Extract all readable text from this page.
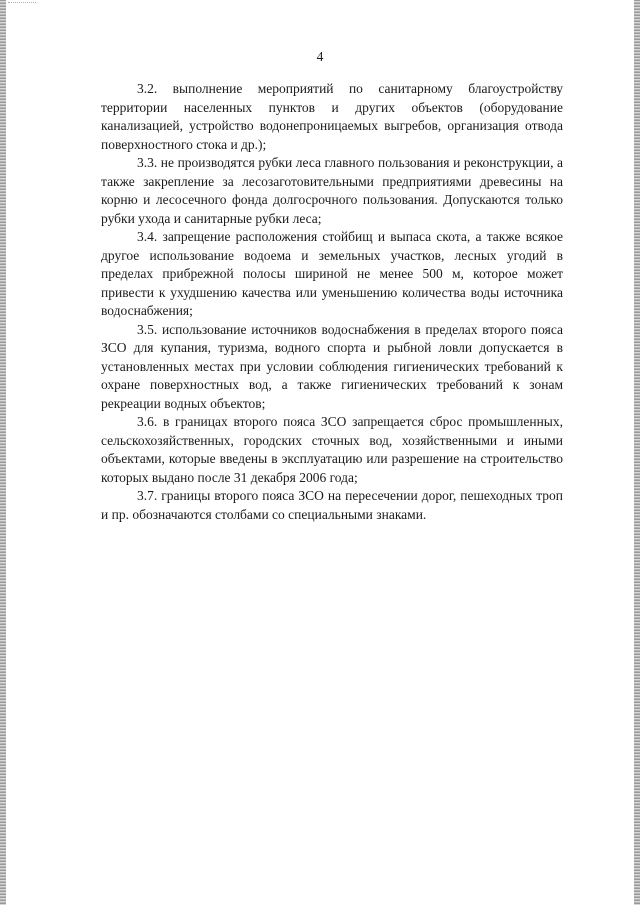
4

3.2. выполнение мероприятий по санитарному благоустройству территории населенных пунктов и других объектов (оборудование канализацией, устройство водонепроницаемых выгребов, организация отвода поверхностного стока и др.);

3.3. не производятся рубки леса главного пользования и реконструкции, а также закрепление за лесозаготовительными предприятиями древесины на корню и лесосечного фонда долгосрочного пользования. Допускаются только рубки ухода и санитарные рубки леса;

3.4. запрещение расположения стойбищ и выпаса скота, а также всякое другое использование водоема и земельных участков, лесных угодий в пределах прибрежной полосы шириной не менее 500 м, которое может привести к ухудшению качества или уменьшению количества воды источника водоснабжения;

3.5. использование источников водоснабжения в пределах второго пояса ЗСО для купания, туризма, водного спорта и рыбной ловли допускается в установленных местах при условии соблюдения гигиенических требований к охране поверхностных вод, а также гигиенических требований к зонам рекреации водных объектов;

3.6. в границах второго пояса ЗСО запрещается сброс промышленных, сельскохозяйственных, городских сточных вод, хозяйственными и иными объектами, которые введены в эксплуатацию или разрешение на строительство которых выдано после 31 декабря 2006 года;

3.7. границы второго пояса ЗСО на пересечении дорог, пешеходных троп и пр. обозначаются столбами со специальными знаками.
